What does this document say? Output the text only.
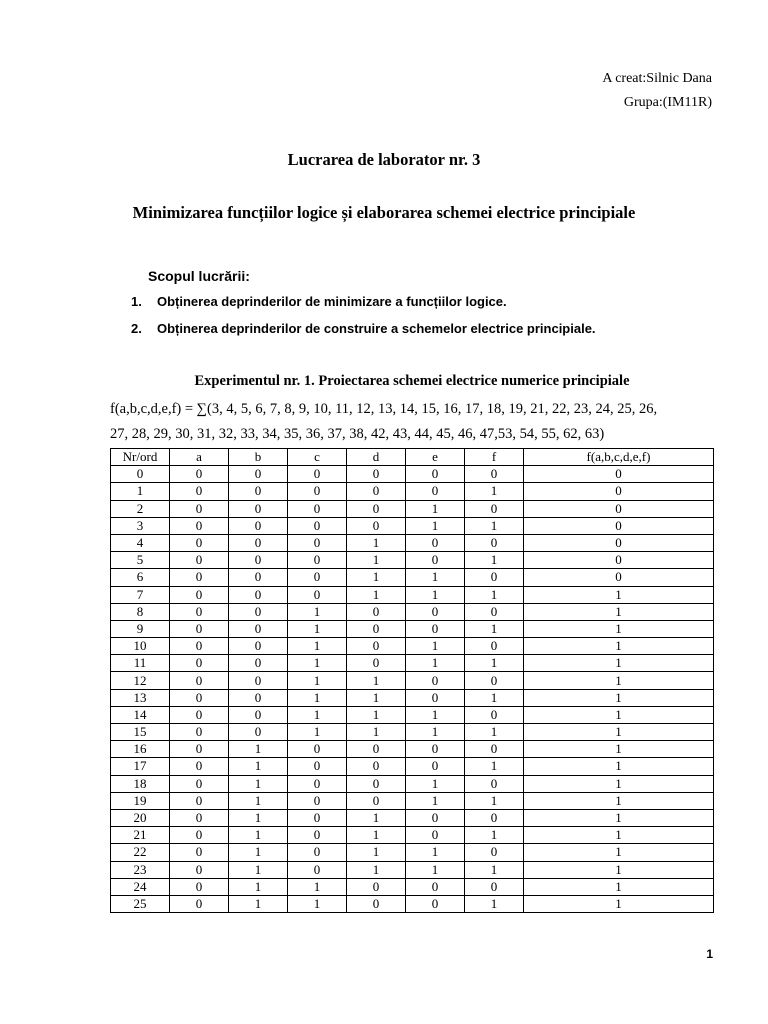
A creat:Silnic Dana
Grupa:(IM11R)
Lucrarea de laborator nr. 3
Minimizarea funcțiilor logice și elaborarea schemei electrice principiale
Scopul lucrării:
1.	Obținerea deprinderilor de minimizare a funcțiilor logice.
2.	Obținerea deprinderilor de construire a schemelor electrice principiale.
Experimentul nr. 1. Proiectarea schemei electrice numerice principiale

f(a,b,c,d,e,f) = ∑(3, 4, 5, 6, 7, 8, 9, 10, 11, 12, 13, 14, 15, 16, 17, 18, 19, 21, 22, 23, 24, 25, 26,

27, 28, 29, 30, 31, 32, 33, 34, 35, 36, 37, 38, 42, 43, 44, 45, 46, 47,53, 54, 55, 62, 63)

Nr/ord	a	b	c	d	e	f	f(a,b,c,d,e,f)
0	0	0	0	0	0	0	0
1	0	0	0	0	0	1	0
2	0	0	0	0	1	0	0
3	0	0	0	0	1	1	0
4	0	0	0	1	0	0	0
5	0	0	0	1	0	1	0
6	0	0	0	1	1	0	0
7	0	0	0	1	1	1	1
8	0	0	1	0	0	0	1
9	0	0	1	0	0	1	1
10	0	0	1	0	1	0	1
11	0	0	1	0	1	1	1
12	0	0	1	1	0	0	1
13	0	0	1	1	0	1	1
14	0	0	1	1	1	0	1
15	0	0	1	1	1	1	1
16	0	1	0	0	0	0	1
17	0	1	0	0	0	1	1
18	0	1	0	0	1	0	1
19	0	1	0	0	1	1	1
20	0	1	0	1	0	0	1
21	0	1	0	1	0	1	1
22	0	1	0	1	1	0	1
23	0	1	0	1	1	1	1
24	0	1	1	0	0	0	1
25	0	1	1	0	0	1	1
1
